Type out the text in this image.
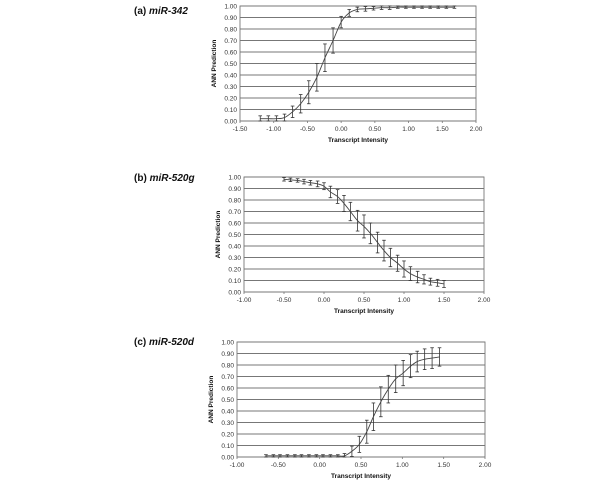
(a) miR-342
(b) miR-520g
(c) miR-520d
0.00
0.10
0.20
0.30
0.40
0.50
0.60
0.70
0.80
0.90
1.00
-1.50	-1.00	-0.50	0.00	0.50	1.00	1.50	2.00
Transcript Intensity
ANN Prediction
0.00
0.10
0.20
0.30
0.40
0.50
0.60
0.70
0.80
0.90
1.00
-1.00	-0.50	0.00	0.50	1.00	1.50	2.00
Transcript Intensity
ANN Prediction
0.00
0.10
0.20
0.30
0.40
0.50
0.60
0.70
0.80
0.90
1.00
-1.00	-0.50	0.00	0.50	1.00	1.50	2.00
Transcript Intensity
ANN Prediction
